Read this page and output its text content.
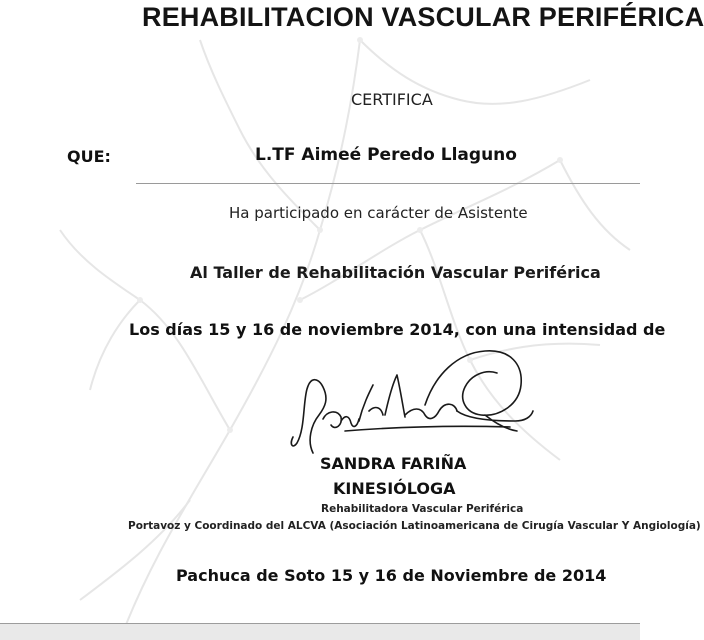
REHABILITACION VASCULAR PERIFÉRICA
CERTIFICA
QUE:	L.TF Aimeé Peredo Llaguno
Ha participado en carácter de Asistente
Al Taller de Rehabilitación Vascular Periférica
Los días 15 y 16 de noviembre 2014, con una intensidad de
SANDRA FARIÑA
KINESIÓLOGA
Rehabilitadora Vascular Periférica
Portavoz y Coordinado del ALCVA (Asociación Latinoamericana de Cirugía Vascular Y Angiología)
Pachuca de Soto 15 y 16 de Noviembre de 2014
